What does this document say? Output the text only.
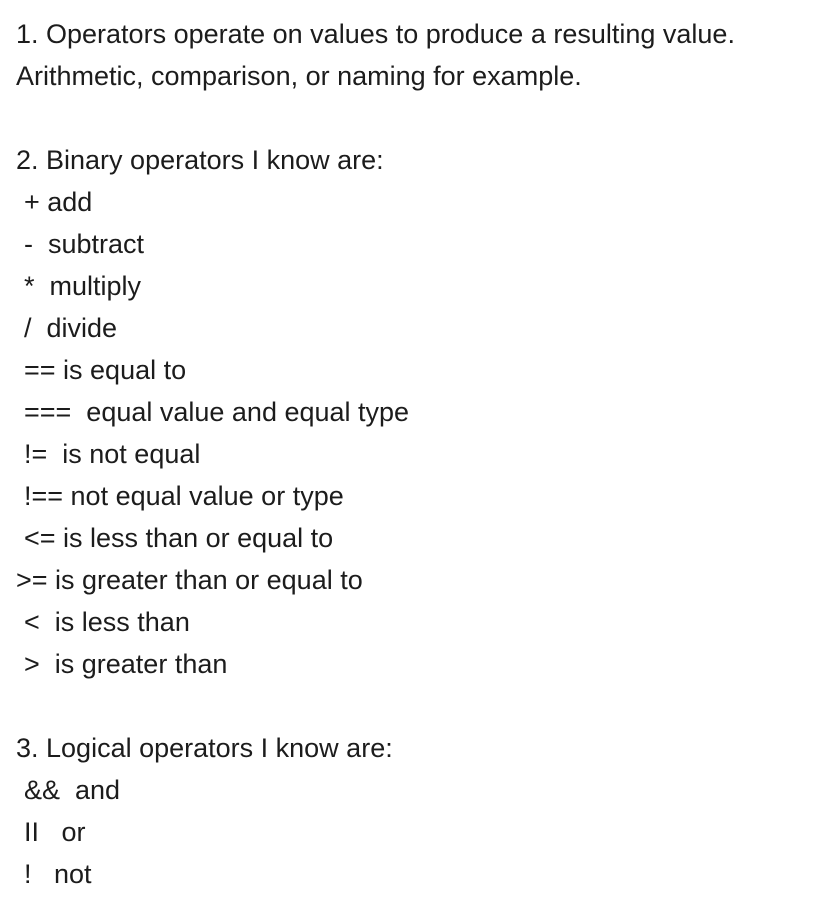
1. Operators operate on values to produce a resulting value.

Arithmetic, comparison, or naming for example.

2. Binary operators I know are:

+ add

-  subtract

*  multiply

/  divide

== is equal to

===  equal value and equal type

!=  is not equal

!== not equal value or type

<= is less than or equal to

>= is greater than or equal to

<  is less than

>  is greater than

3. Logical operators I know are:

&&  and

II   or

!   not
